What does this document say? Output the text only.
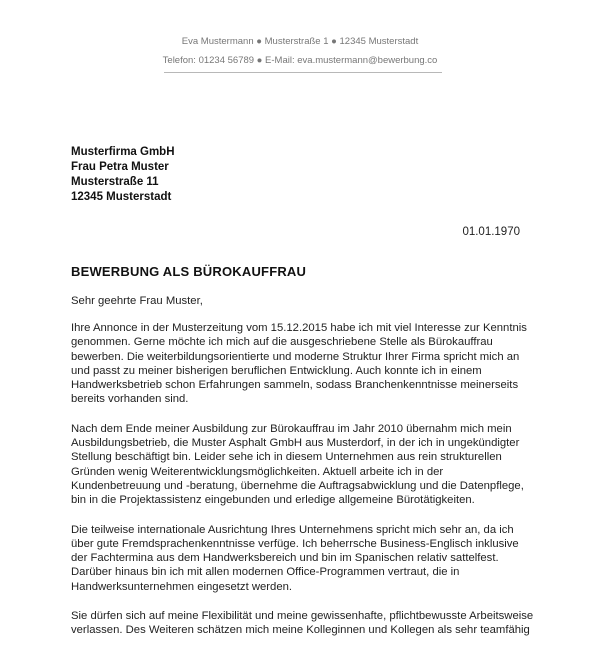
Eva Mustermann ● Musterstraße 1 ● 12345 Musterstadt
Telefon: 01234 56789 ● E-Mail: eva.mustermann@bewerbung.co
Musterfirma GmbH
Frau Petra Muster
Musterstraße 11
12345 Musterstadt
01.01.1970
BEWERBUNG ALS BÜROKAUFFRAU
Sehr geehrte Frau Muster,
Ihre Annonce in der Musterzeitung vom 15.12.2015 habe ich mit viel Interesse zur Kenntnis
genommen. Gerne möchte ich mich auf die ausgeschriebene Stelle als Bürokauffrau
bewerben. Die weiterbildungsorientierte und moderne Struktur Ihrer Firma spricht mich an
und passt zu meiner bisherigen beruflichen Entwicklung. Auch konnte ich in einem
Handwerksbetrieb schon Erfahrungen sammeln, sodass Branchenkenntnisse meinerseits
bereits vorhanden sind.
Nach dem Ende meiner Ausbildung zur Bürokauffrau im Jahr 2010 übernahm mich mein
Ausbildungsbetrieb, die Muster Asphalt GmbH aus Musterdorf, in der ich in ungekündigter
Stellung beschäftigt bin. Leider sehe ich in diesem Unternehmen aus rein strukturellen
Gründen wenig Weiterentwicklungsmöglichkeiten. Aktuell arbeite ich in der
Kundenbetreuung und -beratung, übernehme die Auftragsabwicklung und die Datenpflege,
bin in die Projektassistenz eingebunden und erledige allgemeine Bürotätigkeiten.
Die teilweise internationale Ausrichtung Ihres Unternehmens spricht mich sehr an, da ich
über gute Fremdsprachenkenntnisse verfüge. Ich beherrsche Business-Englisch inklusive
der Fachtermina aus dem Handwerksbereich und bin im Spanischen relativ sattelfest.
Darüber hinaus bin ich mit allen modernen Office-Programmen vertraut, die in
Handwerksunternehmen eingesetzt werden.
Sie dürfen sich auf meine Flexibilität und meine gewissenhafte, pflichtbewusste Arbeitsweise
verlassen. Des Weiteren schätzen mich meine Kolleginnen und Kollegen als sehr teamfähig
